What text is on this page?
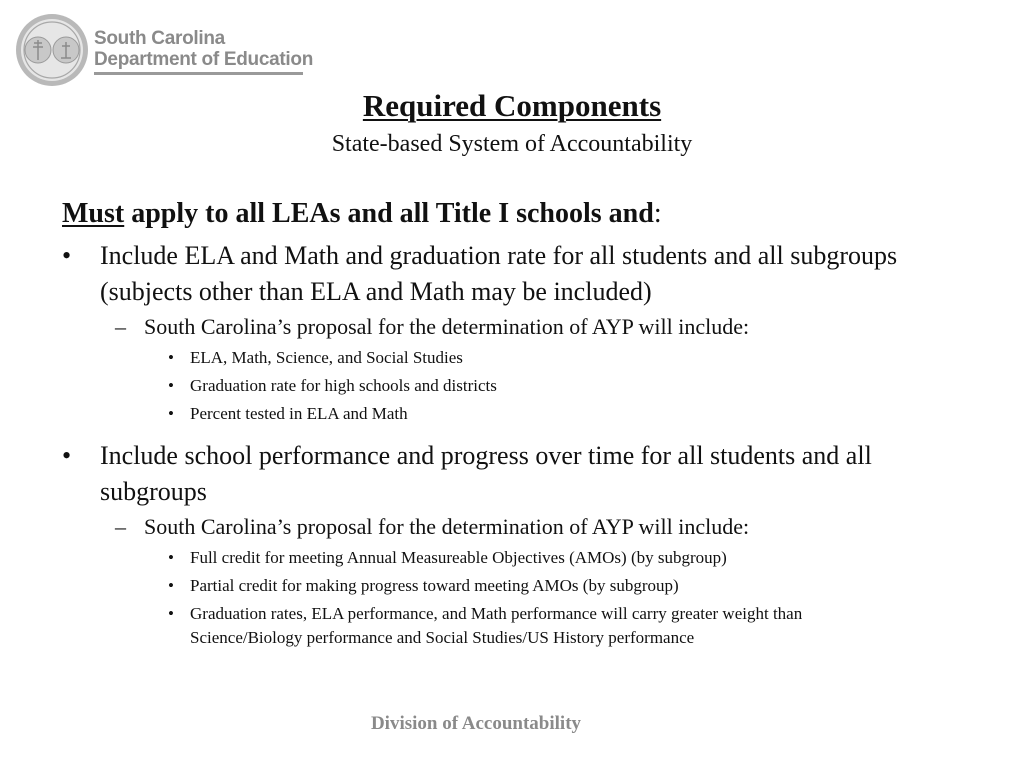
South Carolina
Department of Education
Required Components
State-based System of Accountability

Must apply to all LEAs and all Title I schools and:

• Include ELA and Math and graduation rate for all students and all subgroups (subjects other than ELA and Math may be included)

– South Carolina’s proposal for the determination of AYP will include:

• ELA, Math, Science, and Social Studies

• Graduation rate for high schools and districts

• Percent tested in ELA and Math

• Include school performance and progress over time for all students and all subgroups

– South Carolina’s proposal for the determination of AYP will include:

• Full credit for meeting Annual Measureable Objectives (AMOs) (by subgroup)

• Partial credit for making progress toward meeting AMOs (by subgroup)

• Graduation rates, ELA performance, and Math performance will carry greater weight than Science/Biology performance and Social Studies/US History performance

Division of Accountability
